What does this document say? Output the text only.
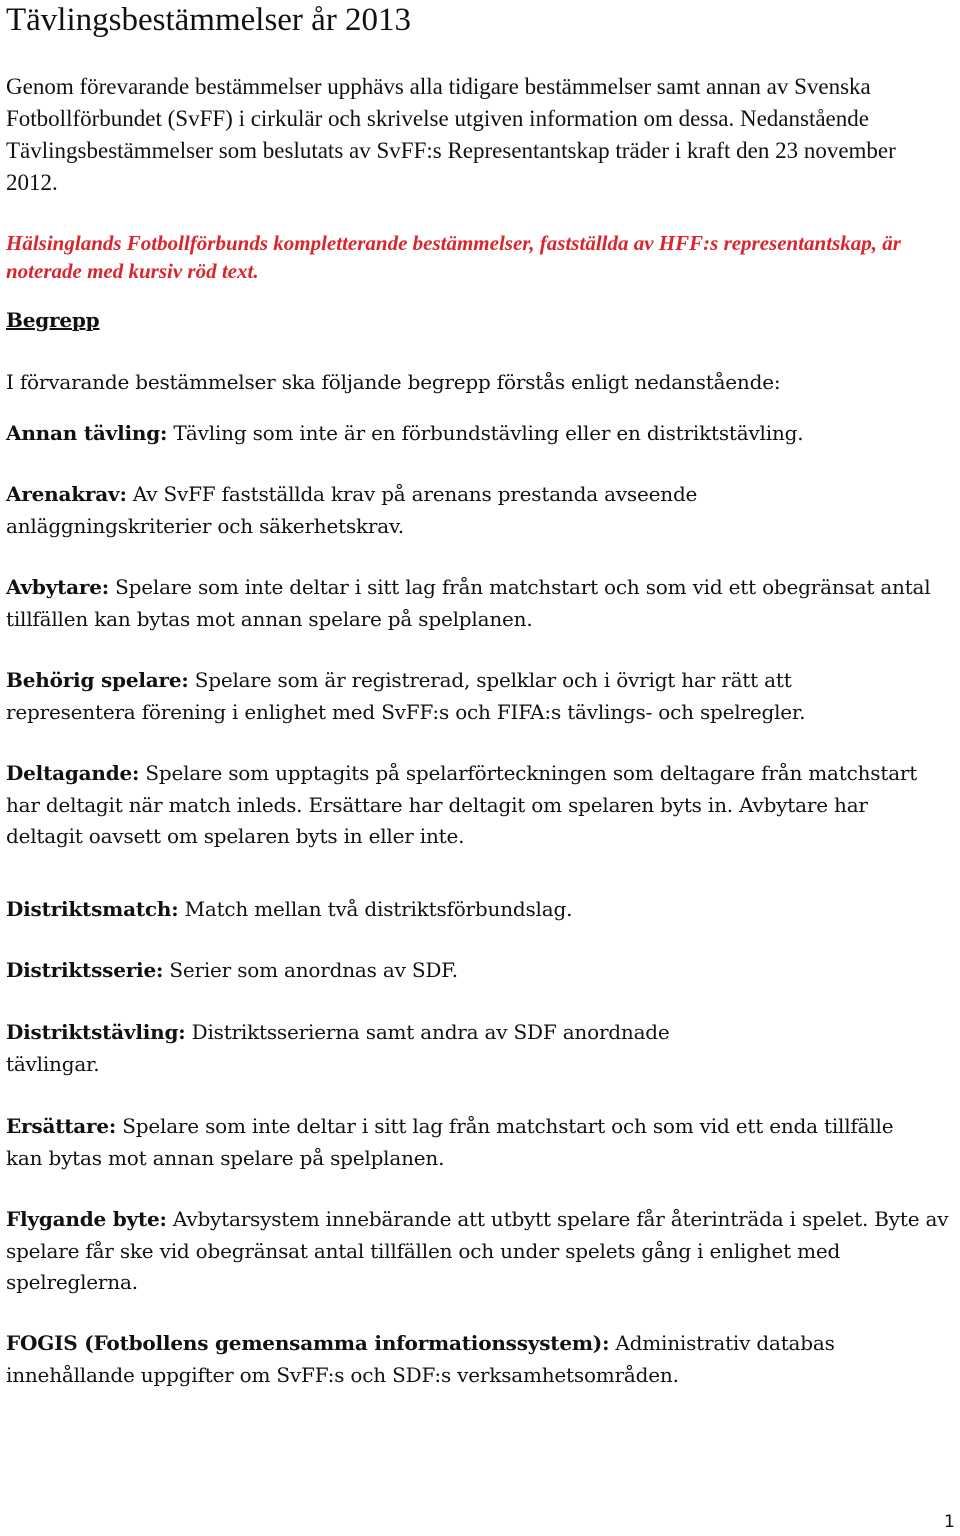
Tävlingsbestämmelser år 2013

Genom förevarande bestämmelser upphävs alla tidigare bestämmelser samt annan av Svenska Fotbollförbundet (SvFF) i cirkulär och skrivelse utgiven information om dessa. Nedanstående Tävlingsbestämmelser som beslutats av SvFF:s Representantskap träder i kraft den 23 november 2012.

Hälsinglands Fotbollförbunds kompletterande bestämmelser, fastställda av HFF:s representantskap, är noterade med kursiv röd text.

Begrepp

I förvarande bestämmelser ska följande begrepp förstås enligt nedanstående:

Annan tävling: Tävling som inte är en förbundstävling eller en distriktstävling.

Arenakrav: Av SvFF fastställda krav på arenans prestanda avseende anläggningskriterier och säkerhetskrav.

Avbytare: Spelare som inte deltar i sitt lag från matchstart och som vid ett obegränsat antal tillfällen kan bytas mot annan spelare på spelplanen.

Behörig spelare: Spelare som är registrerad, spelklar och i övrigt har rätt att representera förening i enlighet med SvFF:s och FIFA:s tävlings- och spelregler.

Deltagande: Spelare som upptagits på spelarförteckningen som deltagare från matchstart har deltagit när match inleds. Ersättare har deltagit om spelaren byts in. Avbytare har deltagit oavsett om spelaren byts in eller inte.

Distriktsmatch: Match mellan två distriktsförbundslag.

Distriktsserie: Serier som anordnas av SDF.

Distriktstävling: Distriktsserierna samt andra av SDF anordnade tävlingar.

Ersättare: Spelare som inte deltar i sitt lag från matchstart och som vid ett enda tillfälle kan bytas mot annan spelare på spelplanen.

Flygande byte: Avbytarsystem innebärande att utbytt spelare får återinträda i spelet. Byte av spelare får ske vid obegränsat antal tillfällen och under spelets gång i enlighet med spelreglerna.

FOGIS (Fotbollens gemensamma informationssystem): Administrativ databas innehållande uppgifter om SvFF:s och SDF:s verksamhetsområden.

1
